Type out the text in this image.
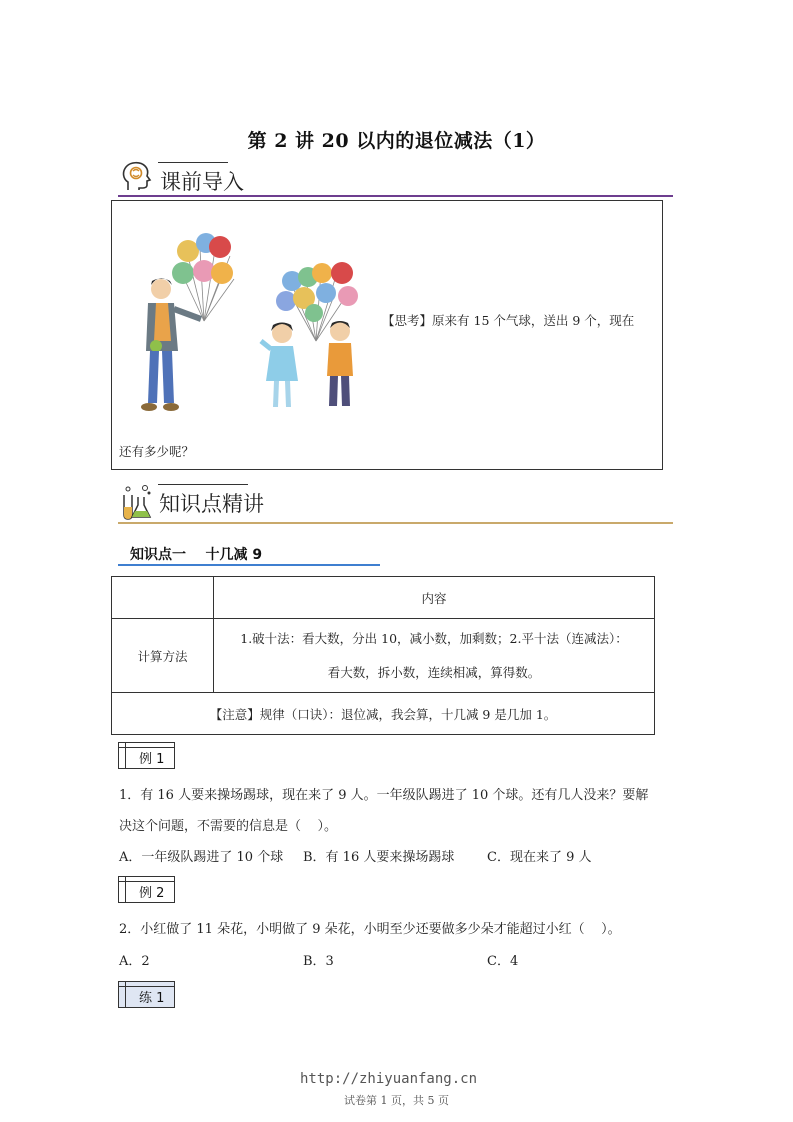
第 2 讲 20 以内的退位减法（1）
课前导入
【思考】原来有 15 个气球，送出 9 个，现在
还有多少呢？
知识点精讲
知识点一    十几减 9
	内容
计算方法	1.破十法：看大数，分出 10，减小数，加剩数；2.平十法（连减法）：
看大数，拆小数，连续相减，算得数。

【注意】规律（口诀）：退位减，我会算，十几减 9 是几加 1。	
例 1
1．有 16 人要来操场踢球，现在来了 9 人。一年级队踢进了 10 个球。还有几人没来？要解
决这个问题，不需要的信息是（    ）。
A．一年级队踢进了 10 个球 B．有 16 人要来操场踢球	C．现在来了 9 人
例 2
2．小红做了 11 朵花，小明做了 9 朵花，小明至少还要做多少朵才能超过小红（    ）。
A．2	B．3	C．4
练 1
http://zhiyuanfang.cn
试卷第 1 页，共 5 页
